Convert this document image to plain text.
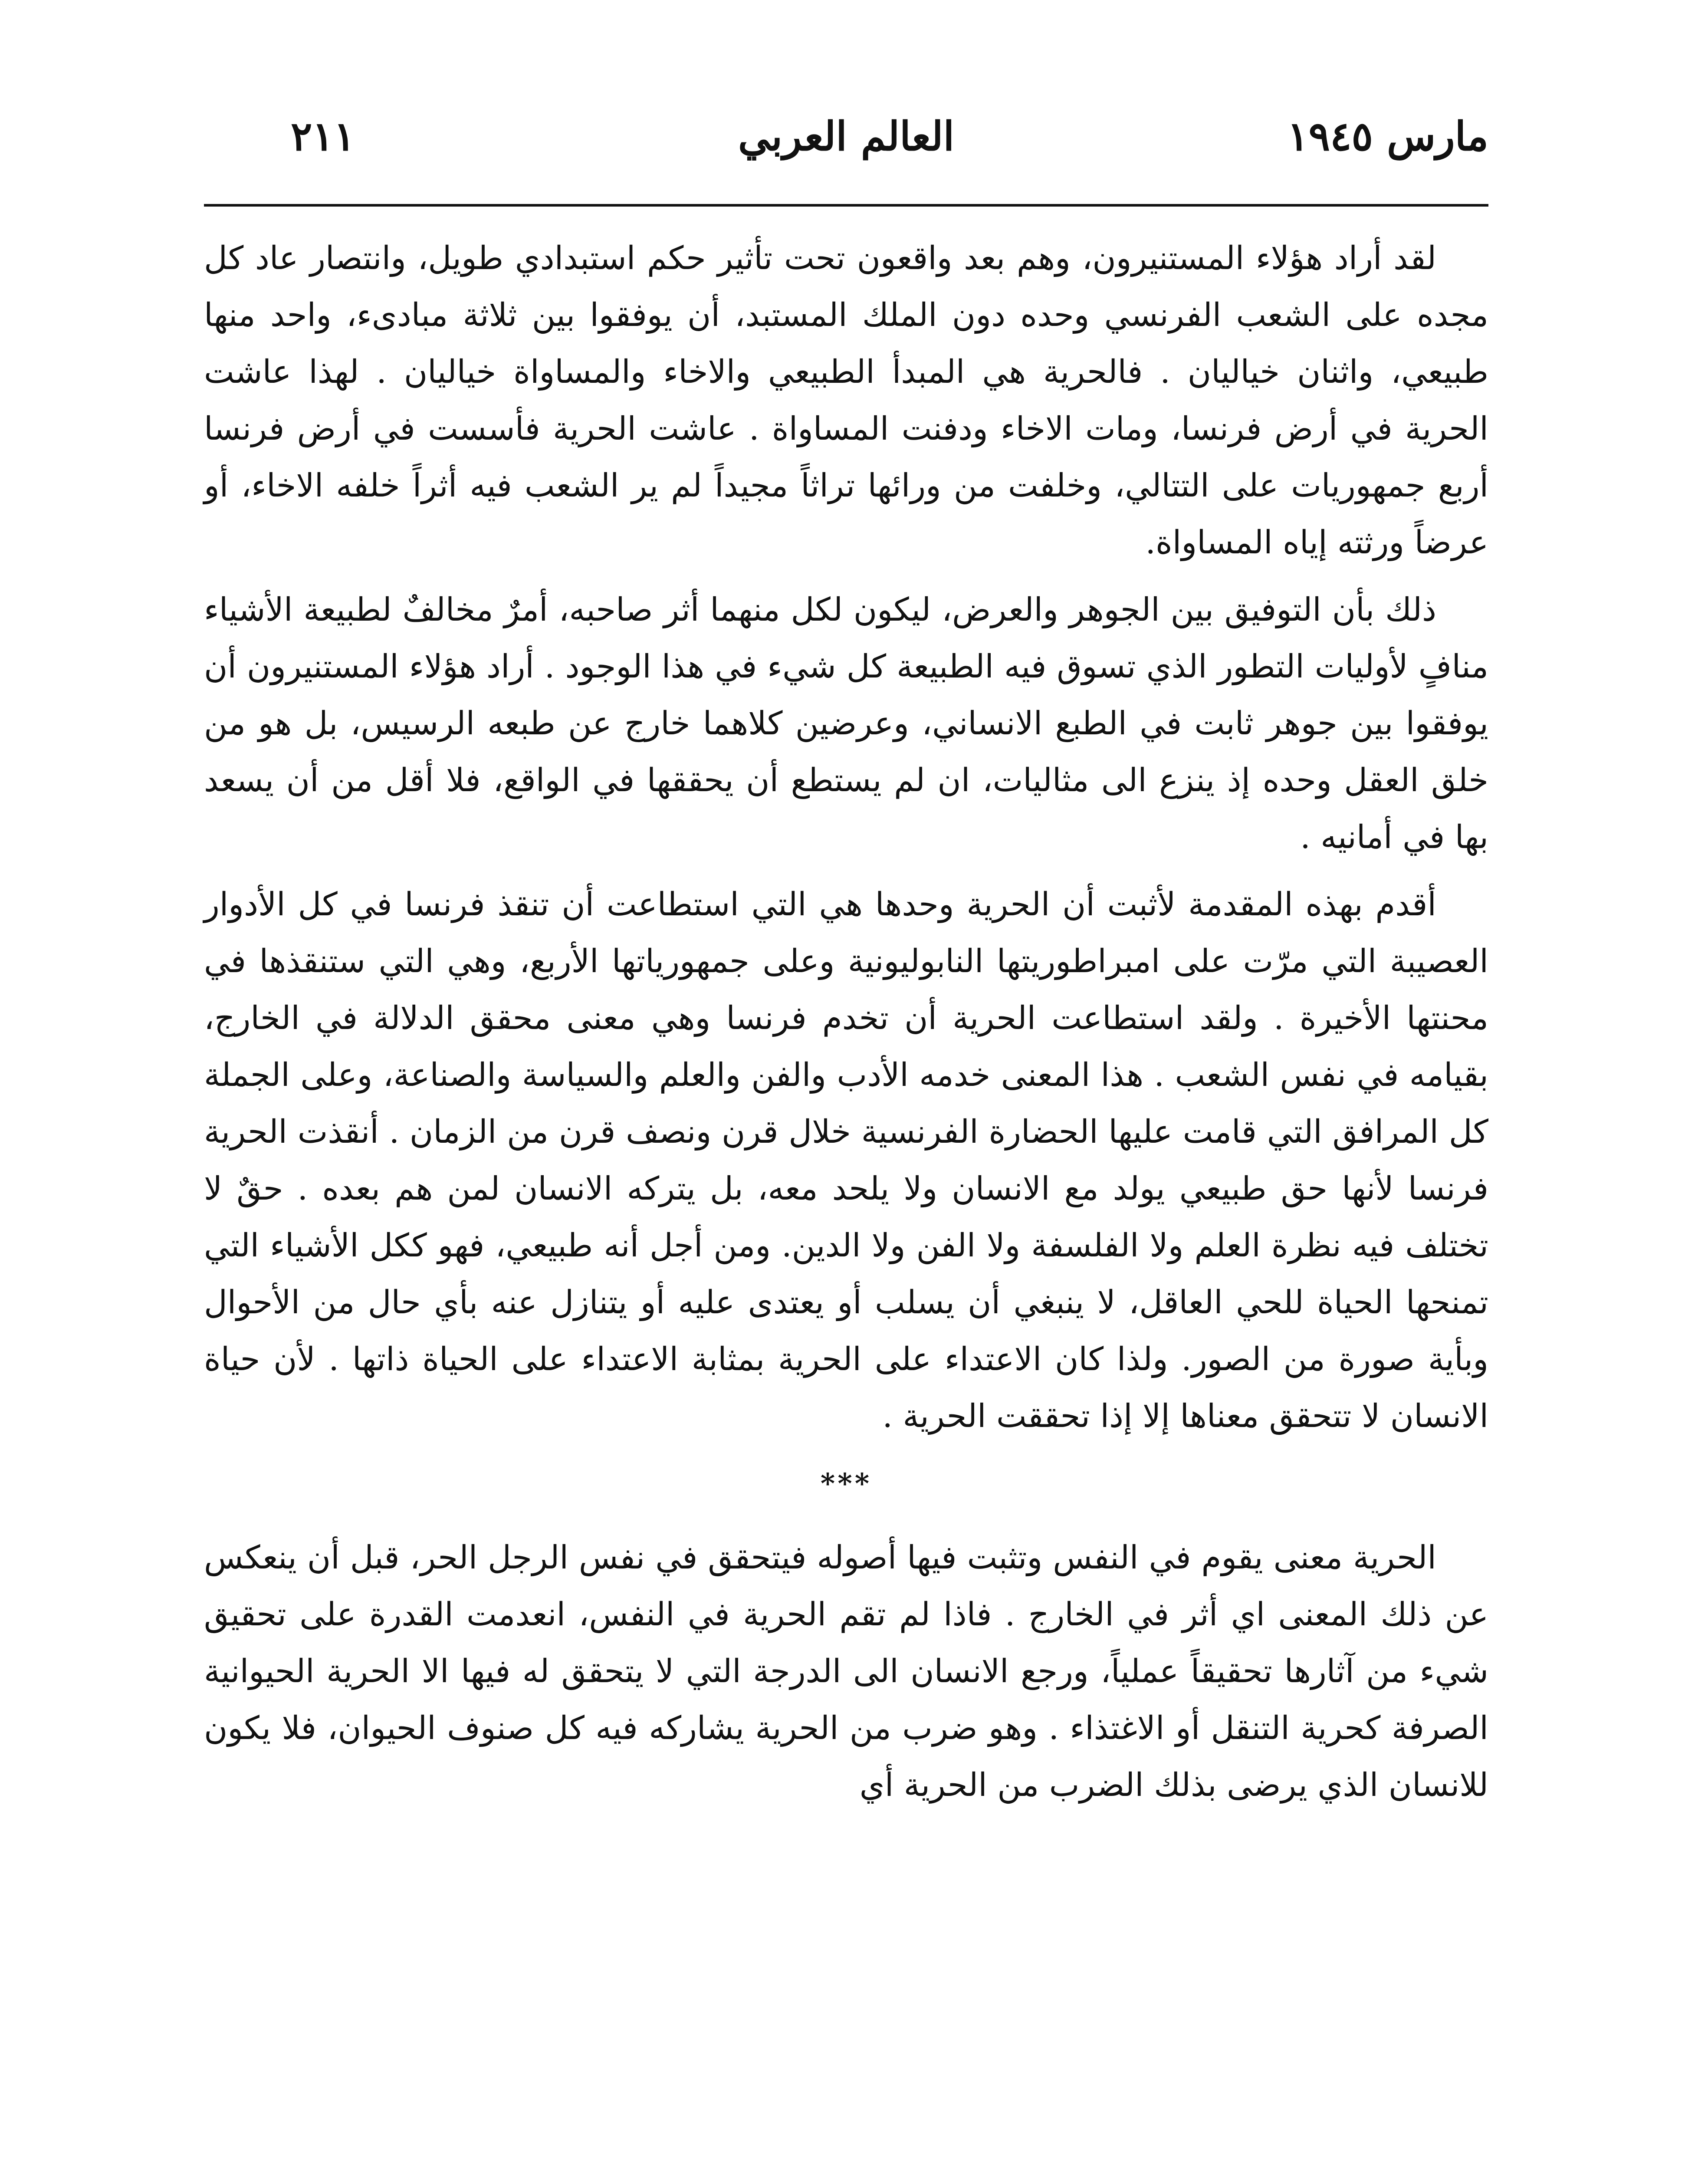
مارس ١٩٤٥
العالم العربي
٢١١

لقد أراد هؤلاء المستنيرون، وهم بعد واقعون تحت تأثير حكم استبدادي طويل، وانتصار عاد كل مجده على الشعب الفرنسي وحده دون الملك المستبد، أن يوفقوا بين ثلاثة مبادىء، واحد منها طبيعي، واثنان خياليان . فالحرية هي المبدأ الطبيعي والاخاء والمساواة خياليان . لهذا عاشت الحرية في أرض فرنسا، ومات الاخاء ودفنت المساواة . عاشت الحرية فأسست في أرض فرنسا أربع جمهوريات على التتالي، وخلفت من ورائها تراثاً مجيداً لم ير الشعب فيه أثراً خلفه الاخاء، أو عرضاً ورثته إياه المساواة.

ذلك بأن التوفيق بين الجوهر والعرض، ليكون لكل منهما أثر صاحبه، أمرٌ مخالفٌ لطبيعة الأشياء منافٍ لأوليات التطور الذي تسوق فيه الطبيعة كل شيء في هذا الوجود . أراد هؤلاء المستنيرون أن يوفقوا بين جوهر ثابت في الطبع الانساني، وعرضين كلاهما خارج عن طبعه الرسيس، بل هو من خلق العقل وحده إذ ينزع الى مثاليات، ان لم يستطع أن يحققها في الواقع، فلا أقل من أن يسعد بها في أمانيه .

أقدم بهذه المقدمة لأثبت أن الحرية وحدها هي التي استطاعت أن تنقذ فرنسا في كل الأدوار العصيبة التي مرّت على امبراطوريتها النابوليونية وعلى جمهورياتها الأربع، وهي التي ستنقذها في محنتها الأخيرة . ولقد استطاعت الحرية أن تخدم فرنسا وهي معنى محقق الدلالة في الخارج، بقيامه في نفس الشعب . هذا المعنى خدمه الأدب والفن والعلم والسياسة والصناعة، وعلى الجملة كل المرافق التي قامت عليها الحضارة الفرنسية خلال قرن ونصف قرن من الزمان . أنقذت الحرية فرنسا لأنها حق طبيعي يولد مع الانسان ولا يلحد معه، بل يتركه الانسان لمن هم بعده . حقٌ لا تختلف فيه نظرة العلم ولا الفلسفة ولا الفن ولا الدين. ومن أجل أنه طبيعي، فهو ككل الأشياء التي تمنحها الحياة للحي العاقل، لا ينبغي أن يسلب أو يعتدى عليه أو يتنازل عنه بأي حال من الأحوال وبأية صورة من الصور. ولذا كان الاعتداء على الحرية بمثابة الاعتداء على الحياة ذاتها . لأن حياة الانسان لا تتحقق معناها إلا إذا تحققت الحرية .

***

الحرية معنى يقوم في النفس وتثبت فيها أصوله فيتحقق في نفس الرجل الحر، قبل أن ينعكس عن ذلك المعنى اي أثر في الخارج . فاذا لم تقم الحرية في النفس، انعدمت القدرة على تحقيق شيء من آثارها تحقيقاً عملياً، ورجع الانسان الى الدرجة التي لا يتحقق له فيها الا الحرية الحيوانية الصرفة كحرية التنقل أو الاغتذاء . وهو ضرب من الحرية يشاركه فيه كل صنوف الحيوان، فلا يكون للانسان الذي يرضى بذلك الضرب من الحرية أي
